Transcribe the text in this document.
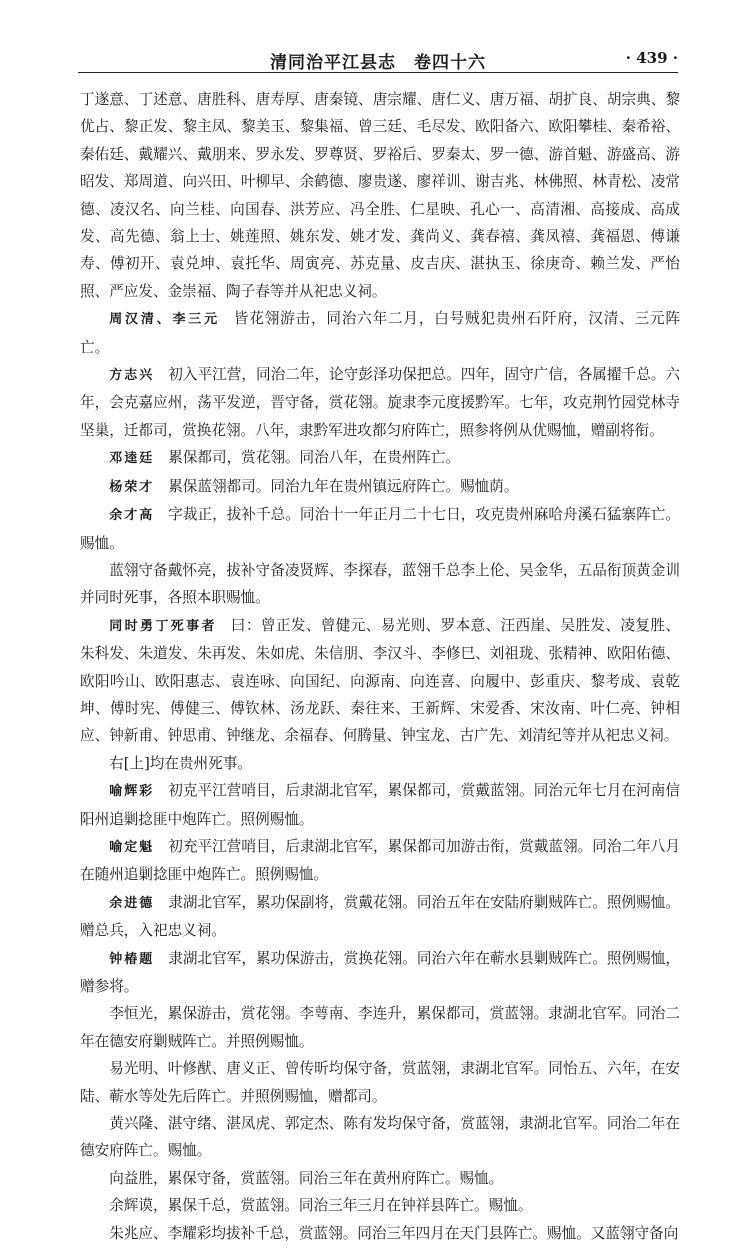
清同治平江县志　卷四十六	· 439 ·

丁遂意、丁述意、唐胜科、唐寿厚、唐秦镜、唐宗耀、唐仁义、唐万福、胡扩良、胡宗典、黎优占、黎正发、黎主凤、黎美玉、黎集福、曾三廷、毛尽发、欧阳备六、欧阳攀桂、秦希裕、秦佑廷、戴耀兴、戴朋来、罗永发、罗尊贤、罗裕后、罗秦太、罗一德、游首魁、游盛高、游昭发、郑周道、向兴田、叶柳早、余鹤德、廖贵遂、廖祥训、谢吉兆、林佛照、林青松、凌常德、凌汉名、向兰桂、向国春、洪芳应、冯全胜、仁星映、孔心一、高清湘、高接成、高成发、高先德、翁上士、姚莲照、姚东发、姚才发、龚尚义、龚春禧、龚凤禧、龚福恩、傅谦寿、傅初开、袁兑坤、袁托华、周寅亮、苏克量、皮吉庆、湛执玉、徐庚奇、赖兰发、严怡照、严应发、金崇福、陶子春等并从祀忠义祠。

周汉清、李三元 皆花翎游击，同治六年二月，白号贼犯贵州石阡府，汉清、三元阵亡。

方志兴 初入平江营，同治二年，论守彭泽功保把总。四年，固守广信，各属擢千总。六年，会克嘉应州，荡平发逆，晋守备，赏花翎。旋隶李元度援黔军。七年，攻克荆竹园党林寺坚巢，迁都司，赏换花翎。八年，隶黔军进攻都匀府阵亡，照参将例从优赐恤，赠副将衔。

邓逵廷 累保都司，赏花翎。同治八年，在贵州阵亡。

杨荣才 累保蓝翎都司。同治九年在贵州镇远府阵亡。赐恤荫。

余才高 字裁正，拔补千总。同治十一年正月二十七日，攻克贵州麻哈舟溪石猛寨阵亡。赐恤。

蓝翎守备戴怀亮，拔补守备凌贤辉、李探春，蓝翎千总李上伦、吴金华，五品衔顶黄金训并同时死事，各照本职赐恤。

同时勇丁死事者 曰：曾正发、曾健元、易光则、罗本意、汪西崖、吴胜发、凌复胜、朱科发、朱道发、朱再发、朱如虎、朱信朋、李汉斗、李修巳、刘祖珑、张精神、欧阳佑德、欧阳吟山、欧阳惠志、袁连咏、向国纪、向源南、向连喜、向履中、彭重庆、黎考成、袁乾坤、傅时宪、傅健三、傅钦林、汤龙跃、秦往来、王新辉、宋爱香、宋汝南、叶仁亮、钟相应、钟新甫、钟思甫、钟继龙、余福春、何腾量、钟宝龙、古广先、刘清纪等并从祀忠义祠。

右[上]均在贵州死事。

喻辉彩 初克平江营哨目，后隶湖北官军，累保都司，赏戴蓝翎。同治元年七月在河南信阳州追剿捻匪中炮阵亡。照例赐恤。

喻定魁 初充平江营哨目，后隶湖北官军，累保都司加游击衔，赏戴蓝翎。同治二年八月在随州追剿捻匪中炮阵亡。照例赐恤。

余进德 隶湖北官军，累功保副将，赏戴花翎。同治五年在安陆府剿贼阵亡。照例赐恤。赠总兵，入祀忠义祠。

钟椿题 隶湖北官军，累功保游击，赏换花翎。同治六年在蕲水县剿贼阵亡。照例赐恤，赠参将。

李恒光，累保游击，赏花翎。李萼南、李连升，累保都司，赏蓝翎。隶湖北官军。同治二年在德安府剿贼阵亡。并照例赐恤。

易光明、叶修猷、唐义正、曾传昕均保守备，赏蓝翎，隶湖北官军。同怡五、六年，在安陆、蕲水等处先后阵亡。并照例赐恤，赠都司。

黄兴隆、湛守绪、湛凤虎、郭定杰、陈有发均保守备，赏蓝翎，隶湖北官军。同治二年在德安府阵亡。赐恤。

向益胜，累保守备，赏蓝翎。同治三年在黄州府阵亡。赐恤。

余辉谟，累保千总，赏蓝翎。同治三年三月在钟祥县阵亡。赐恤。

朱兆应、李耀彩均拔补千总，赏蓝翎。同治三年四月在天门县阵亡。赐恤。又蓝翎守备向
